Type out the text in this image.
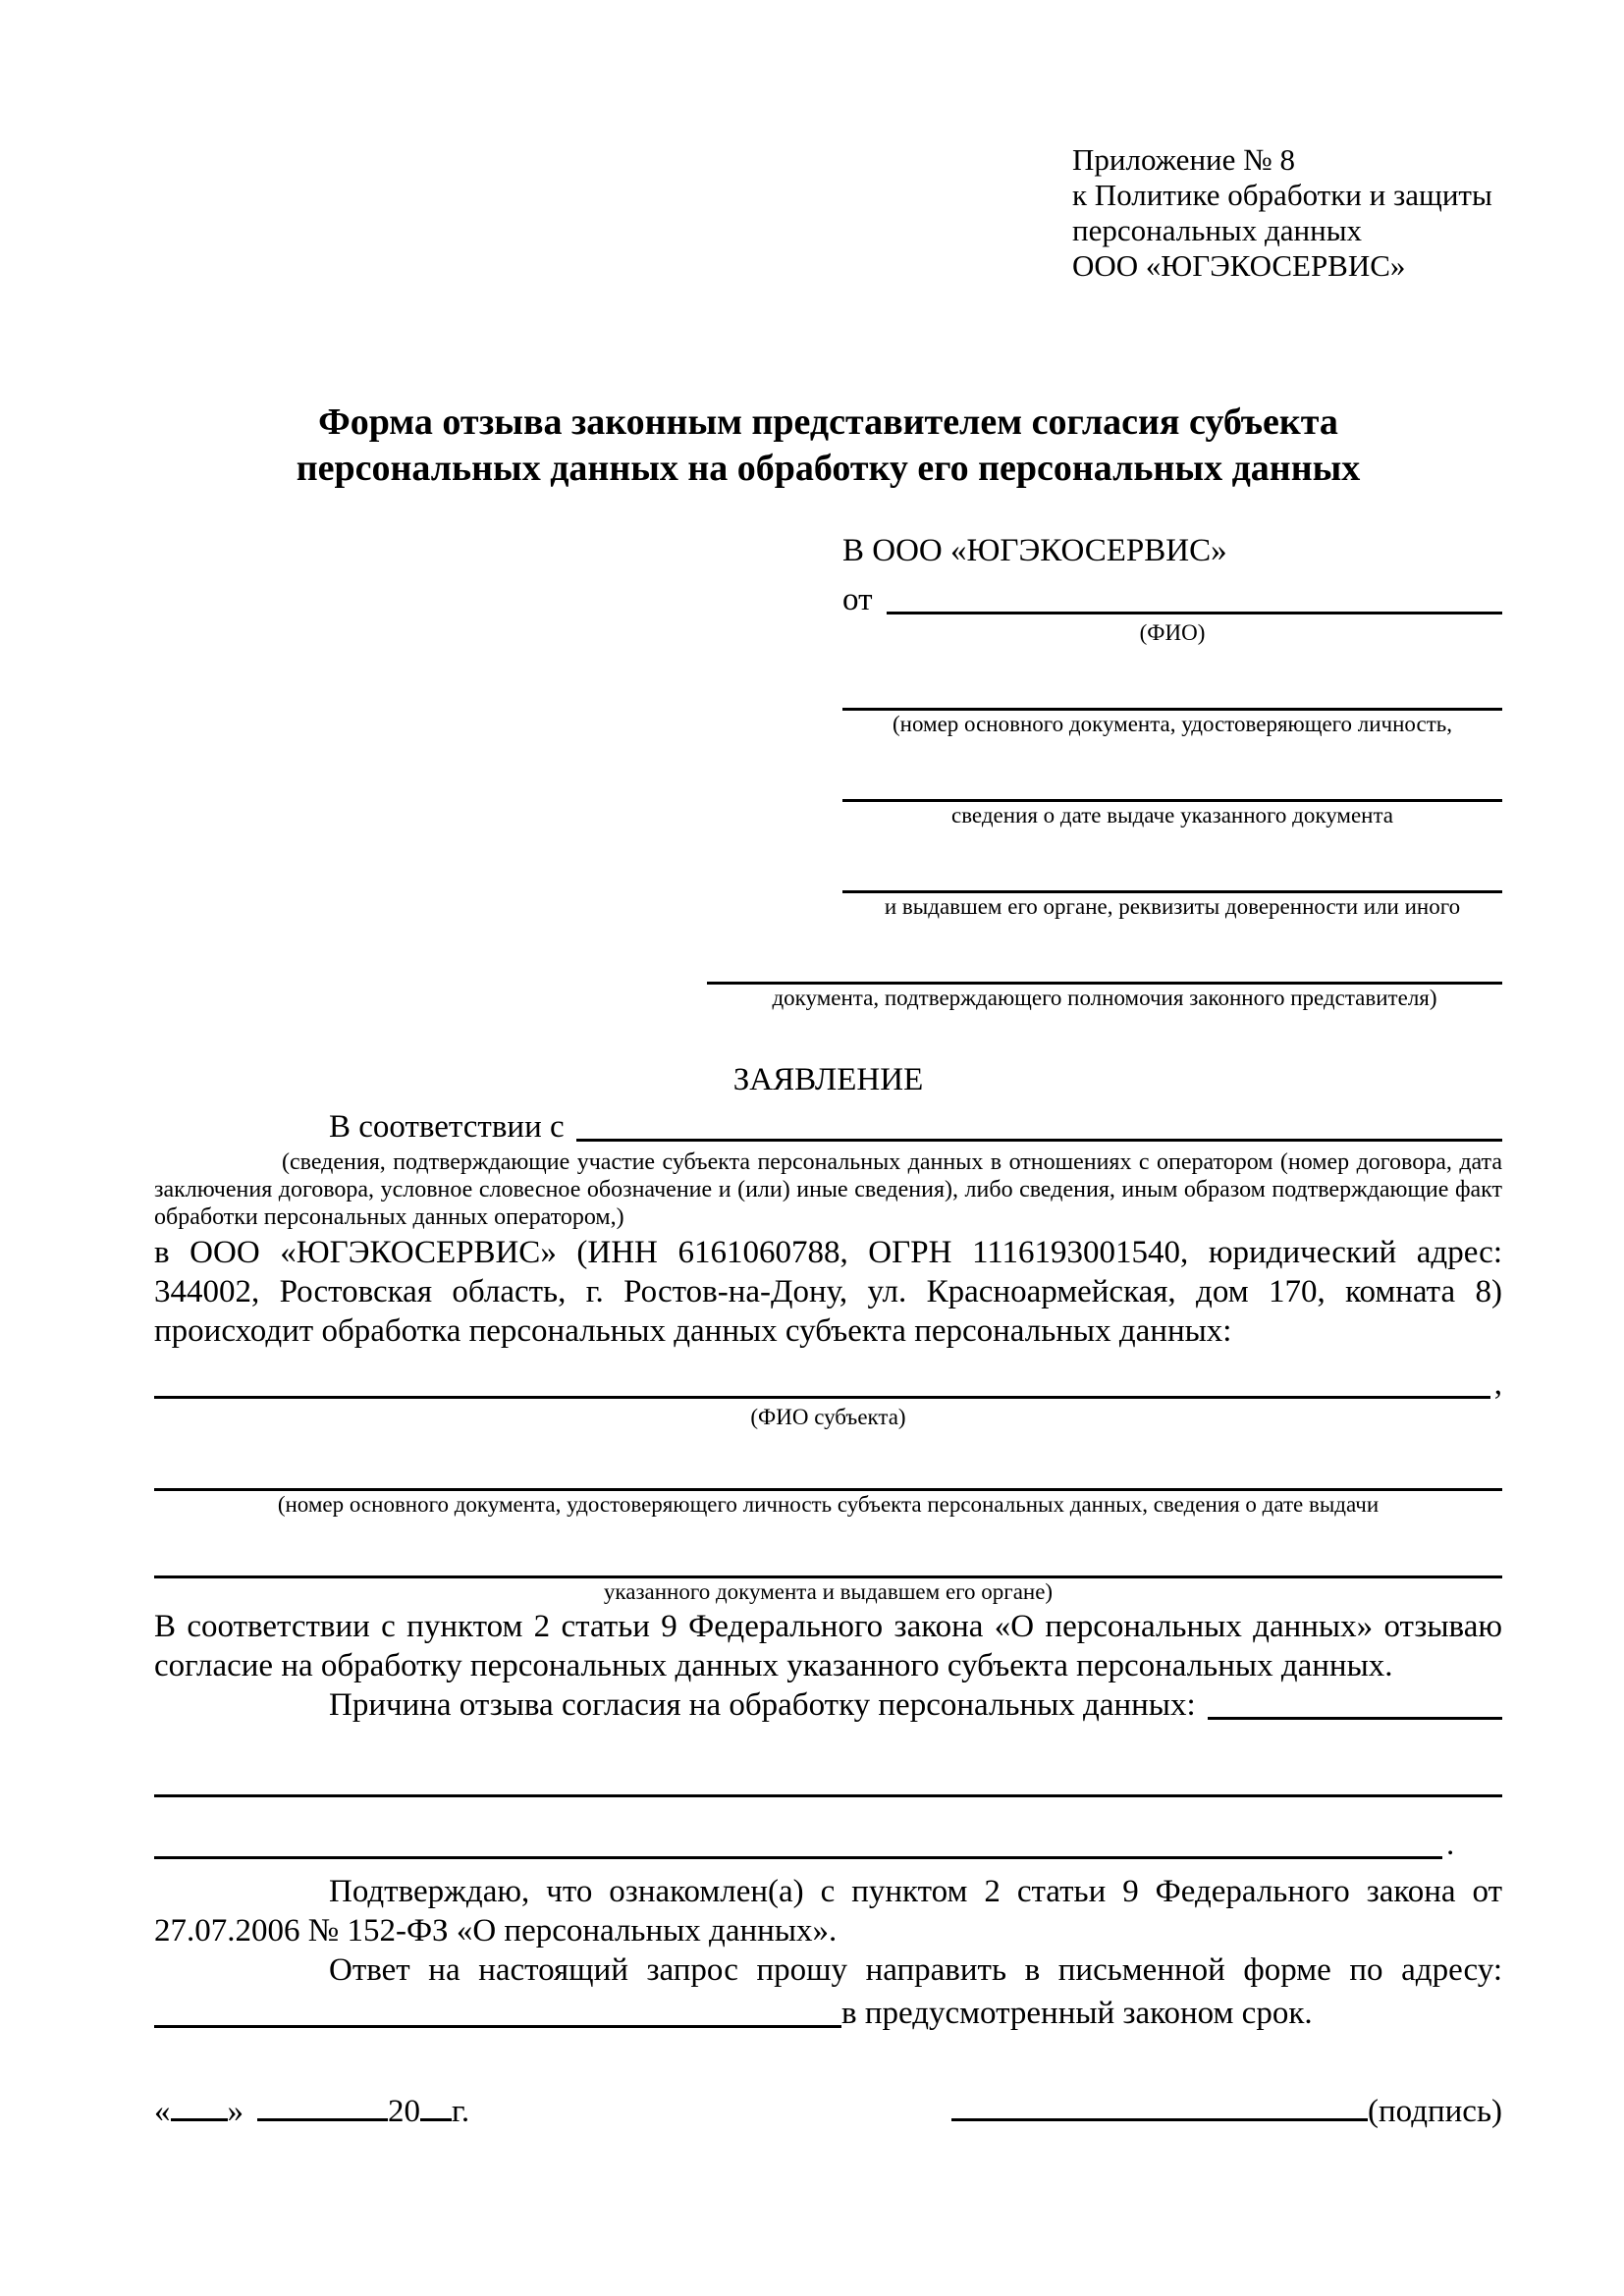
Приложение № 8
к Политике обработки и защиты
персональных данных
ООО «ЮГЭКОСЕРВИС»
Форма отзыва законным представителем согласия субъекта
персональных данных на обработку его персональных данных
В ООО «ЮГЭКОСЕРВИС»
от
(ФИО)
(номер основного документа, удостоверяющего личность,
сведения о дате выдаче указанного документа
и выдавшем его органе, реквизиты доверенности или иного
документа, подтверждающего полномочия законного представителя)
ЗАЯВЛЕНИЕ
В соответствии с
(сведения, подтверждающие участие субъекта персональных данных в отношениях с оператором (номер договора, дата заключения договора, условное словесное обозначение и (или) иные сведения), либо сведения, иным образом подтверждающие факт обработки персональных данных оператором,)
в ООО «ЮГЭКОСЕРВИС» (ИНН 6161060788, ОГРН 1116193001540, юридический адрес: 344002, Ростовская область, г. Ростов-на-Дону, ул. Красноармейская, дом 170, комната 8) происходит обработка персональных данных субъекта персональных данных:
,
(ФИО субъекта)
(номер основного документа, удостоверяющего личность субъекта персональных данных, сведения о дате выдачи
указанного документа и выдавшем его органе)
В соответствии с пунктом 2 статьи 9 Федерального закона «О персональных данных» отзываю согласие на обработку персональных данных указанного субъекта персональных данных.
Причина отзыва согласия на обработку персональных данных:
.
Подтверждаю, что ознакомлен(а) с пунктом 2 статьи 9 Федерального закона от 27.07.2006 № 152-ФЗ «О персональных данных».
Ответ на настоящий запрос прошу направить в письменной форме по адресу:
в предусмотренный законом срок.
« »	20 г.	(подпись)
